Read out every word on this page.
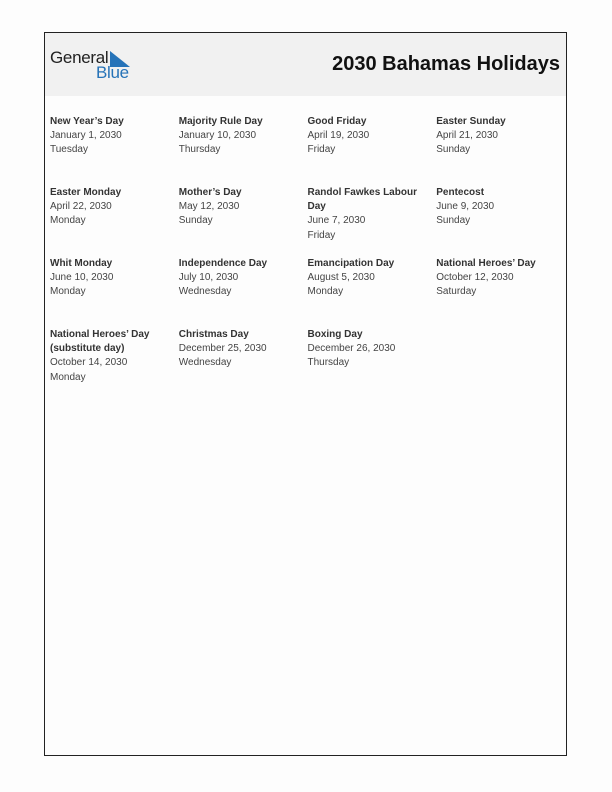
General
Blue	2030 Bahamas Holidays
New Year’s Day
January 1, 2030
Tuesday
Majority Rule Day
January 10, 2030
Thursday
Good Friday
April 19, 2030
Friday
Easter Sunday
April 21, 2030
Sunday
Easter Monday
April 22, 2030
Monday
Mother’s Day
May 12, 2030
Sunday
Randol Fawkes Labour Day
June 7, 2030
Friday
Pentecost
June 9, 2030
Sunday
Whit Monday
June 10, 2030
Monday
Independence Day
July 10, 2030
Wednesday
Emancipation Day
August 5, 2030
Monday
National Heroes’ Day
October 12, 2030
Saturday
National Heroes’ Day (substitute day)
October 14, 2030
Monday
Christmas Day
December 25, 2030
Wednesday
Boxing Day
December 26, 2030
Thursday
